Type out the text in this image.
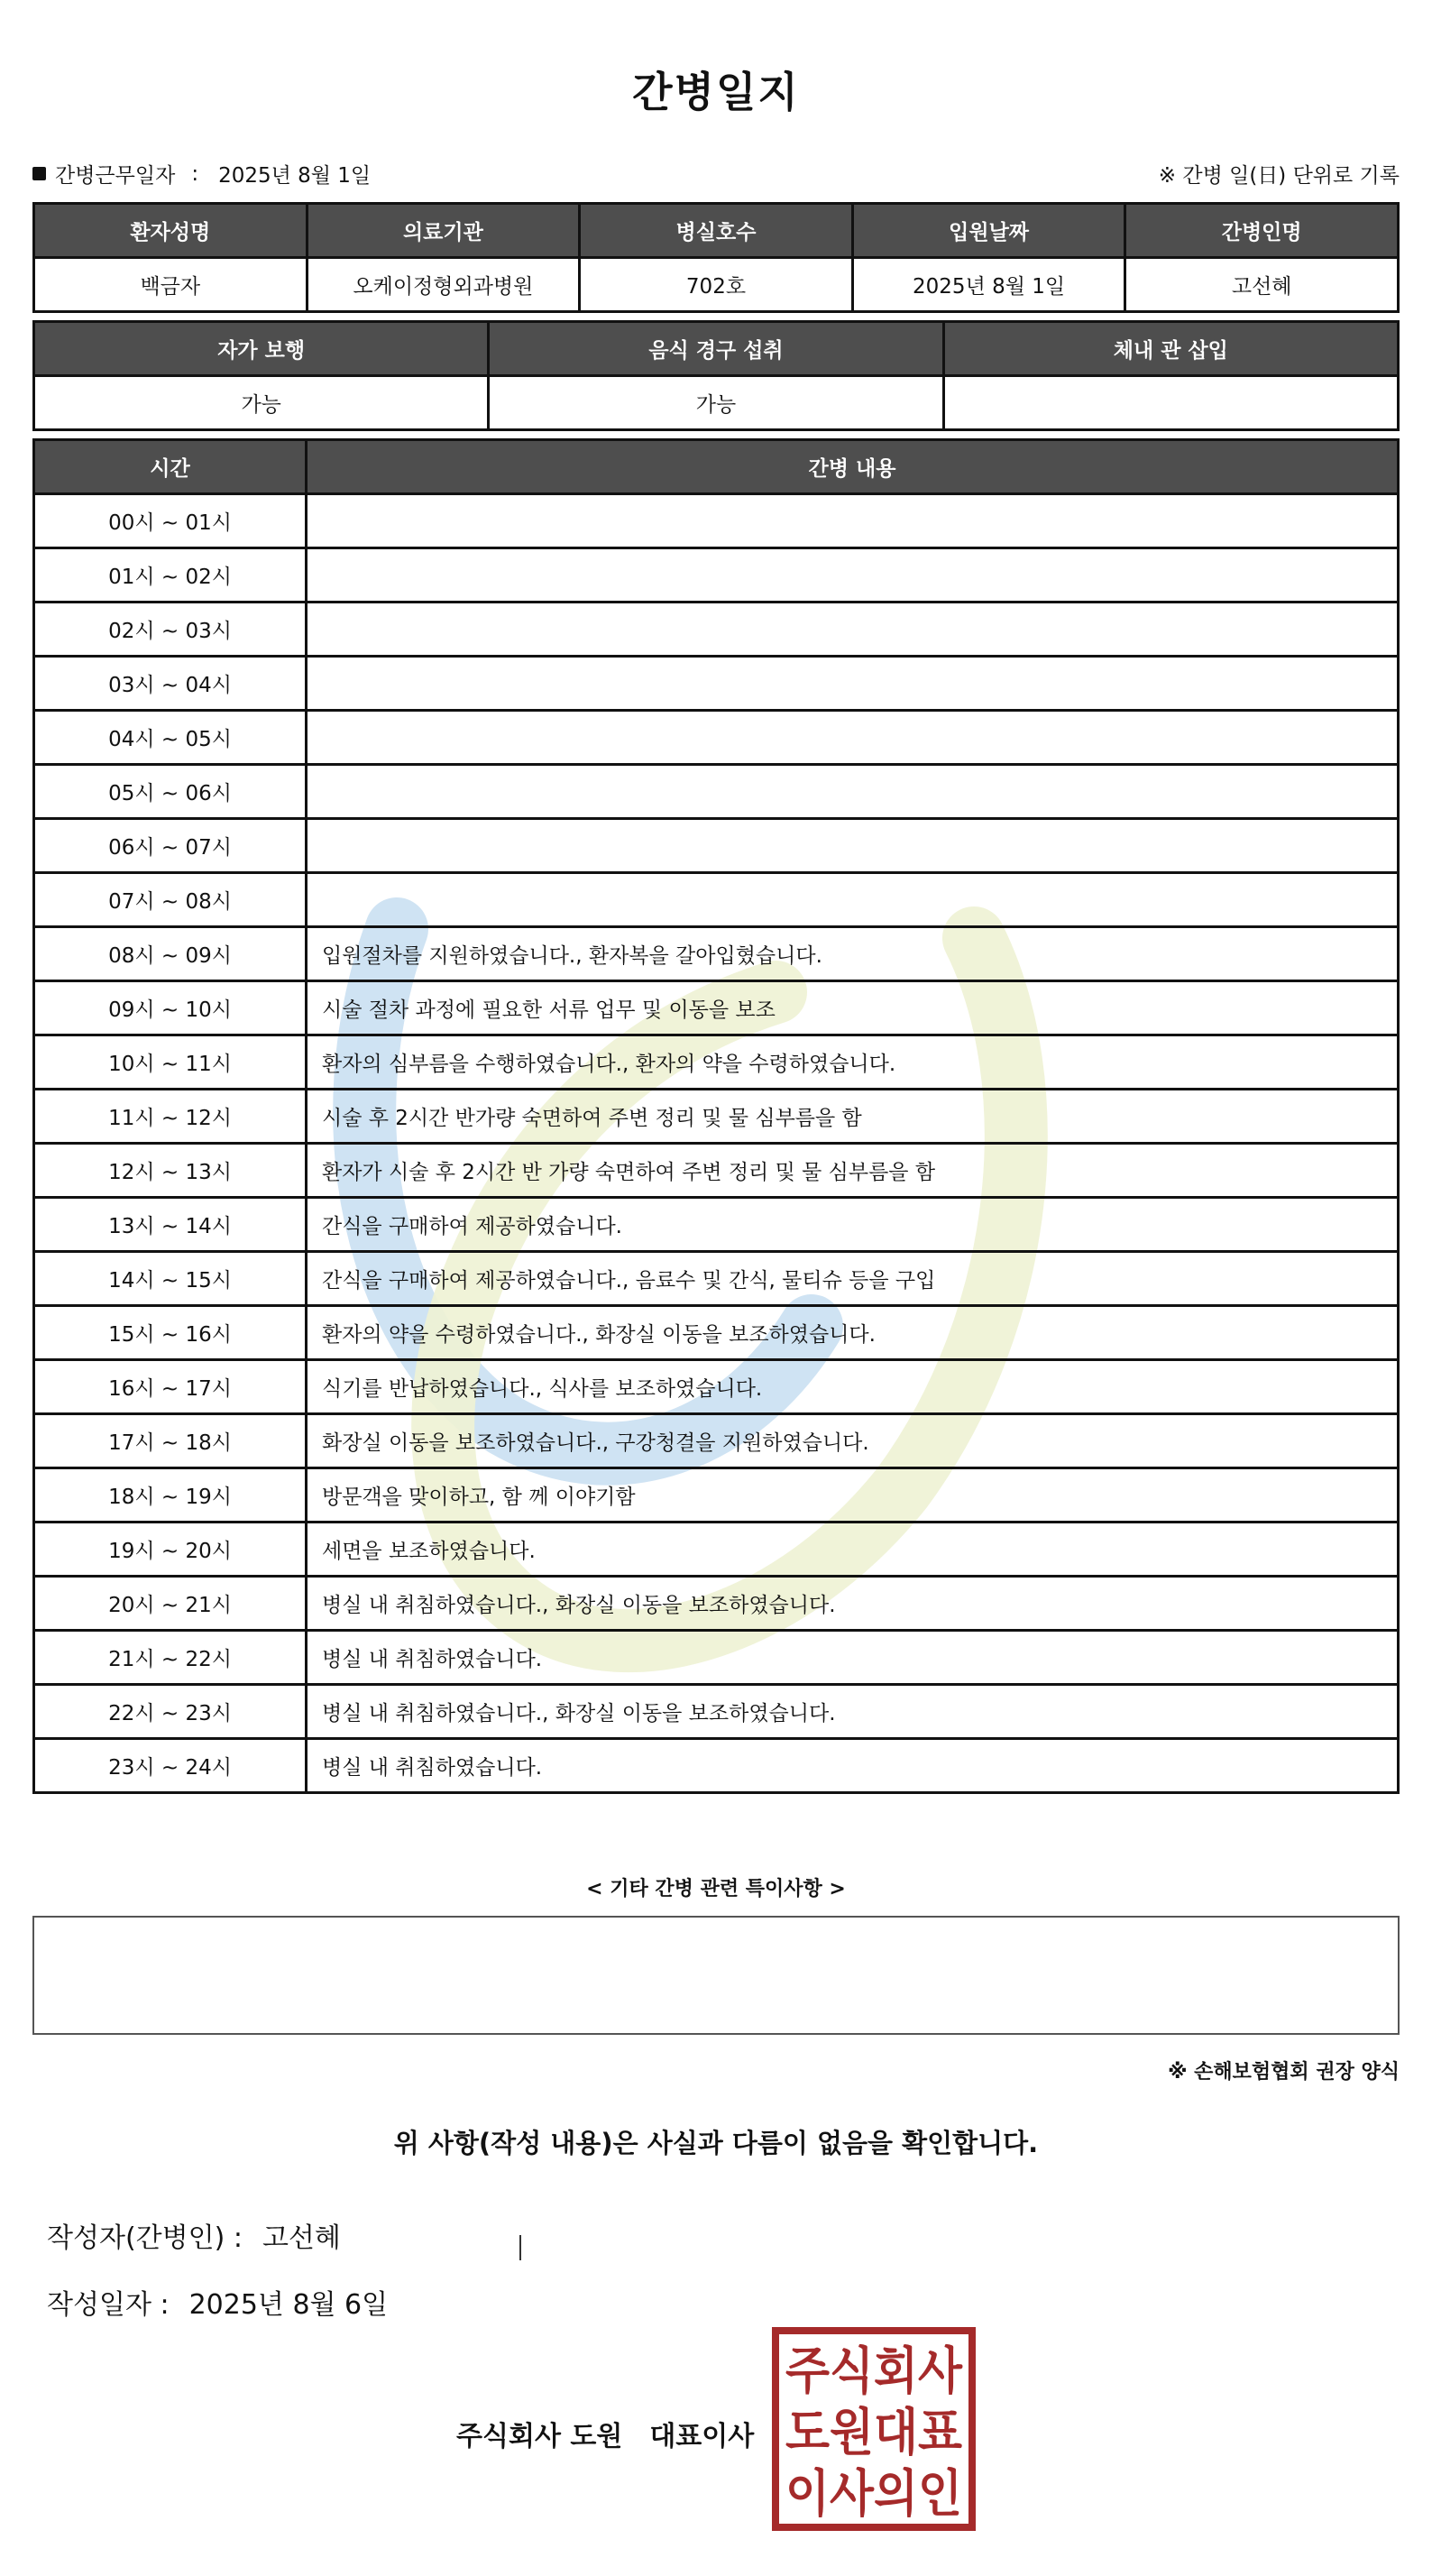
간병일지
간병근무일자 : 2025년 8월 1일	※ 간병 일(日) 단위로 기록
환자성명	의료기관	병실호수	입원날짜	간병인명
백금자	오케이정형외과병원	702호	2025년 8월 1일	고선혜
자가 보행	음식 경구 섭취	체내 관 삽입
가능	가능	
시간	간병 내용
00시 ~ 01시	
01시 ~ 02시	
02시 ~ 03시	
03시 ~ 04시	
04시 ~ 05시	
05시 ~ 06시	
06시 ~ 07시	
07시 ~ 08시	
08시 ~ 09시	입원절차를 지원하였습니다., 환자복을 갈아입혔습니다.
09시 ~ 10시	시술 절차 과정에 필요한 서류 업무 및 이동을 보조
10시 ~ 11시	환자의 심부름을 수행하였습니다., 환자의 약을 수령하였습니다.
11시 ~ 12시	시술 후 2시간 반가량 숙면하여 주변 정리 및 물 심부름을 함
12시 ~ 13시	환자가 시술 후 2시간 반 가량 숙면하여 주변 정리 및 물 심부름을 함
13시 ~ 14시	간식을 구매하여 제공하였습니다.
14시 ~ 15시	간식을 구매하여 제공하였습니다., 음료수 및 간식, 물티슈 등을 구입
15시 ~ 16시	환자의 약을 수령하였습니다., 화장실 이동을 보조하였습니다.
16시 ~ 17시	식기를 반납하였습니다., 식사를 보조하였습니다.
17시 ~ 18시	화장실 이동을 보조하였습니다., 구강청결을 지원하였습니다.
18시 ~ 19시	방문객을 맞이하고, 함 께 이야기함
19시 ~ 20시	세면을 보조하였습니다.
20시 ~ 21시	병실 내 취침하였습니다., 화장실 이동을 보조하였습니다.
21시 ~ 22시	병실 내 취침하였습니다.
22시 ~ 23시	병실 내 취침하였습니다., 화장실 이동을 보조하였습니다.
23시 ~ 24시	병실 내 취침하였습니다.
< 기타 간병 관련 특이사항 >
※ 손해보험협회 권장 양식
위 사항(작성 내용)은 사실과 다름이 없음을 확인합니다.
작성자(간병인) : 고선혜
작성일자 : 2025년 8월 6일
주식회사 도원 대표이사
주식회사
도원대표
이사의인
